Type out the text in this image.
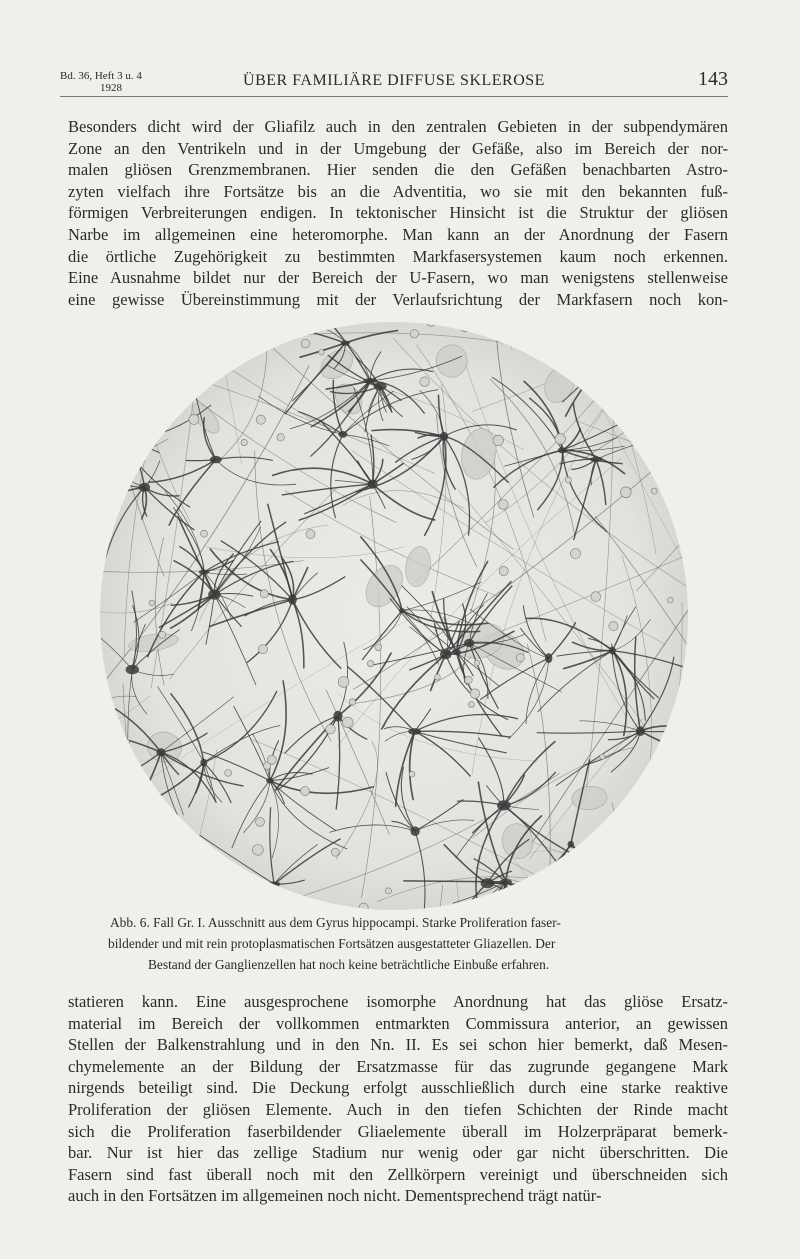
Bd. 36, Heft 3 u. 4
1928	ÜBER FAMILIÄRE DIFFUSE SKLEROSE	143

Besonders dicht wird der Gliafilz auch in den zentralen Gebieten in der subpendymären
Zone an den Ventrikeln und in der Umgebung der Gefäße, also im Bereich der nor-
malen gliösen Grenzmembranen. Hier senden die den Gefäßen benachbarten Astro-
zyten vielfach ihre Fortsätze bis an die Adventitia, wo sie mit den bekannten fuß-
förmigen Verbreiterungen endigen. In tektonischer Hinsicht ist die Struktur der gliösen
Narbe im allgemeinen eine heteromorphe. Man kann an der Anordnung der Fasern
die örtliche Zugehörigkeit zu bestimmten Markfasersystemen kaum noch erkennen.
Eine Ausnahme bildet nur der Bereich der U-Fasern, wo man wenigstens stellenweise
eine gewisse Übereinstimmung mit der Verlaufsrichtung der Markfasern noch kon-

Abb. 6. Fall Gr. I. Ausschnitt aus dem Gyrus hippocampi. Starke Proliferation faser-
bildender und mit rein protoplasmatischen Fortsätzen ausgestatteter Gliazellen. Der
Bestand der Ganglienzellen hat noch keine beträchtliche Einbuße erfahren.

statieren kann. Eine ausgesprochene isomorphe Anordnung hat das gliöse Ersatz-
material im Bereich der vollkommen entmarkten Commissura anterior, an gewissen
Stellen der Balkenstrahlung und in den Nn. II. Es sei schon hier bemerkt, daß Mesen-
chymelemente an der Bildung der Ersatzmasse für das zugrunde gegangene Mark
nirgends beteiligt sind. Die Deckung erfolgt ausschließlich durch eine starke reaktive
Proliferation der gliösen Elemente. Auch in den tiefen Schichten der Rinde macht
sich die Proliferation faserbildender Gliaelemente überall im Holzerpräparat bemerk-
bar. Nur ist hier das zellige Stadium nur wenig oder gar nicht überschritten. Die
Fasern sind fast überall noch mit den Zellkörpern vereinigt und überschneiden sich
auch in den Fortsätzen im allgemeinen noch nicht. Dementsprechend trägt natür-
